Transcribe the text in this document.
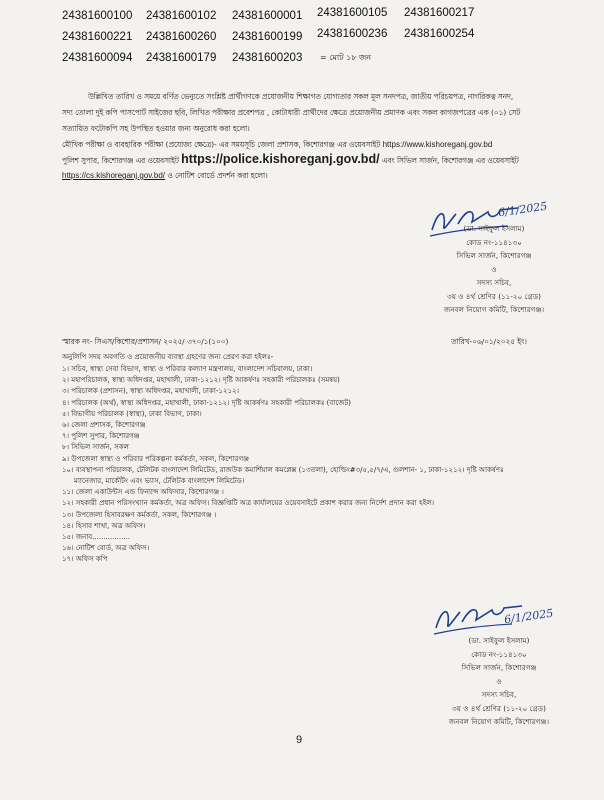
24381600100 24381600102 24381600001 24381600105 24381600217
24381600221 24381600260 24381600199 24381600236 24381600254
24381600094 24381600179 24381600203 = মোট ১৮ জন
উল্লিখিত তারিখ ও সময়ে বর্ণিত ভেন্যুতে সংশ্লিষ্ট প্রার্থীগণকে প্রযোজনীয় শিক্ষাগত যোগ্যতার সকল মূল সনদপত্র, জাতীয় পরিচয়পত্র, নাগরিকত্ব সনদ,
সদ্য তোলা দুই কপি পাসপোর্ট সাইজের ছবি, লিখিত পরীক্ষার প্রবেশপত্র , কোটাধারী প্রার্থীদের ক্ষেত্রে প্রয়োজনীয় প্রমাণক এবং সকল কাগজপত্রের এক (০১) সেট
সত্যায়িত ফটোকপি সহ উপস্থিত হওয়ার জন্য অনুরোধ করা হলো।
মৌখিক পরীক্ষা ও ব্যবহারিক পরীক্ষা (প্রযোজ্য ক্ষেত্রে)- এর সময়সূচি জেলা প্রশাসক, কিশোরগঞ্জ এর ওয়েবসাইট https://www.kishoreganj.gov.bd
পুলিশ সুপার, কিশোরগঞ্জ এর ওয়েবসাইট https://police.kishoreganj.gov.bd/ এবং সিভিল সার্জন, কিশোরগঞ্জ এর ওয়েবসাইট
https://cs.kishoreganj.gov.bd/ ও নোটিশ বোর্ডে প্রদর্শন করা হলো।
6/1/2025
(ডা. সাইফুল ইসলাম)
কোড নং-১১৪১৩০
সিভিল সার্জন, কিশোরগঞ্জ
ও
সদস্য সচিব,
৩য় ও ৪র্থ শ্রেণির (১১-২০ গ্রেড)
জনবল নিয়োগ কমিটি, কিশোরগঞ্জ।
স্মারক নং- সিএস/কিশোর/প্রশাসন/ ২০২৫/ ৩৭০/১(১০০)	তারিখ-০৬/০১/২০২৫ ইং।
অনুলিপি সদয় অবগতি ও প্রয়োজনীয় ব্যবস্থা গ্রহণের জন্য প্রেরণ করা হইলঃ-
১। সচিব, স্বাস্থ্য সেবা বিভাগ, স্বাস্থ্য ও পরিবার কল্যাণ মন্ত্রণালয়, বাংলাদেশ সচিবালয়, ঢাকা।
২। মহাপরিচালক, স্বাস্থ্য অধিদপ্তর, মহাখালী, ঢাকা-১২১২। দৃষ্টি আকর্ষণঃ সহকারী পরিচালকঃ (সমন্বয়)
৩। পরিচালক (প্রশাসন), স্বাস্থ্য অধিদপ্তর, মহাখালী, ঢাকা-১২১২।
৪। পরিচালক (অর্থ), স্বাস্থ্য অধিদপ্তর, মহাখালী, ঢাকা-১২১২। দৃষ্টি আকর্ষণঃ সহকারী পরিচালকঃ (বাজেট)
৫। বিভাগীয় পরিচালক (স্বাস্থ্য), ঢাকা বিভাগ, ঢাকা।
৬। জেলা প্রশাসক, কিশোরগঞ্জ
৭। পুলিশ সুপার, কিশোরগঞ্জ
৮। সিভিল সার্জন, সকল
৯। উপজেলা স্বাস্থ্য ও পরিবার পরিকল্পনা কর্মকর্তা, সকল, কিশোরগঞ্জ
১০। ব্যবস্থাপনা পরিচালক, টেলিটক বাংলাদেশ লিমিটেড, রাজউক কমার্শিয়াল কমপ্লেক্স (১৩তলা), হোল্ডিং#৩/৫,৫/৭/এ, গুলশান- ১, ঢাকা-১২১২। দৃষ্টি আকর্ষণঃ
ম্যানেজার, মার্কেটিং এবং ভ্যাস, টেলিটক বাংলাদেশ লিমিটেড।
১১। জেলা একাউন্টস এন্ড ফিন্যান্স অফিসার, কিশোরগঞ্জ ।
১২। সহকারী প্রধান পরিসংখ্যান কর্মকর্তা, অত্র অফিস। বিজ্ঞপ্তিটি অত্র কার্যালয়ের ওয়েবসাইটে প্রকাশ করার জন্য নির্দেশ প্রদান করা হইল।
১৩। উপজেলা হিসাবরক্ষণ কর্মকর্তা, সকল, কিশোরগঞ্জ ।
১৪। হিসাব শাখা, অত্র অফিস।
১৫। জনাব.................
১৬। নোটিশ বোর্ড, অত্র অফিস।
১৭। অফিস কপি
6/1/2025
(ডা. সাইফুল ইসলাম)
কোড নং-১১৪১৩০
সিভিল সার্জন, কিশোরগঞ্জ
ও
সদস্য সচিব,
৩য় ও ৪র্থ শ্রেণির (১১-২০ গ্রেড)
জনবল নিয়োগ কমিটি, কিশোরগঞ্জ।
9
